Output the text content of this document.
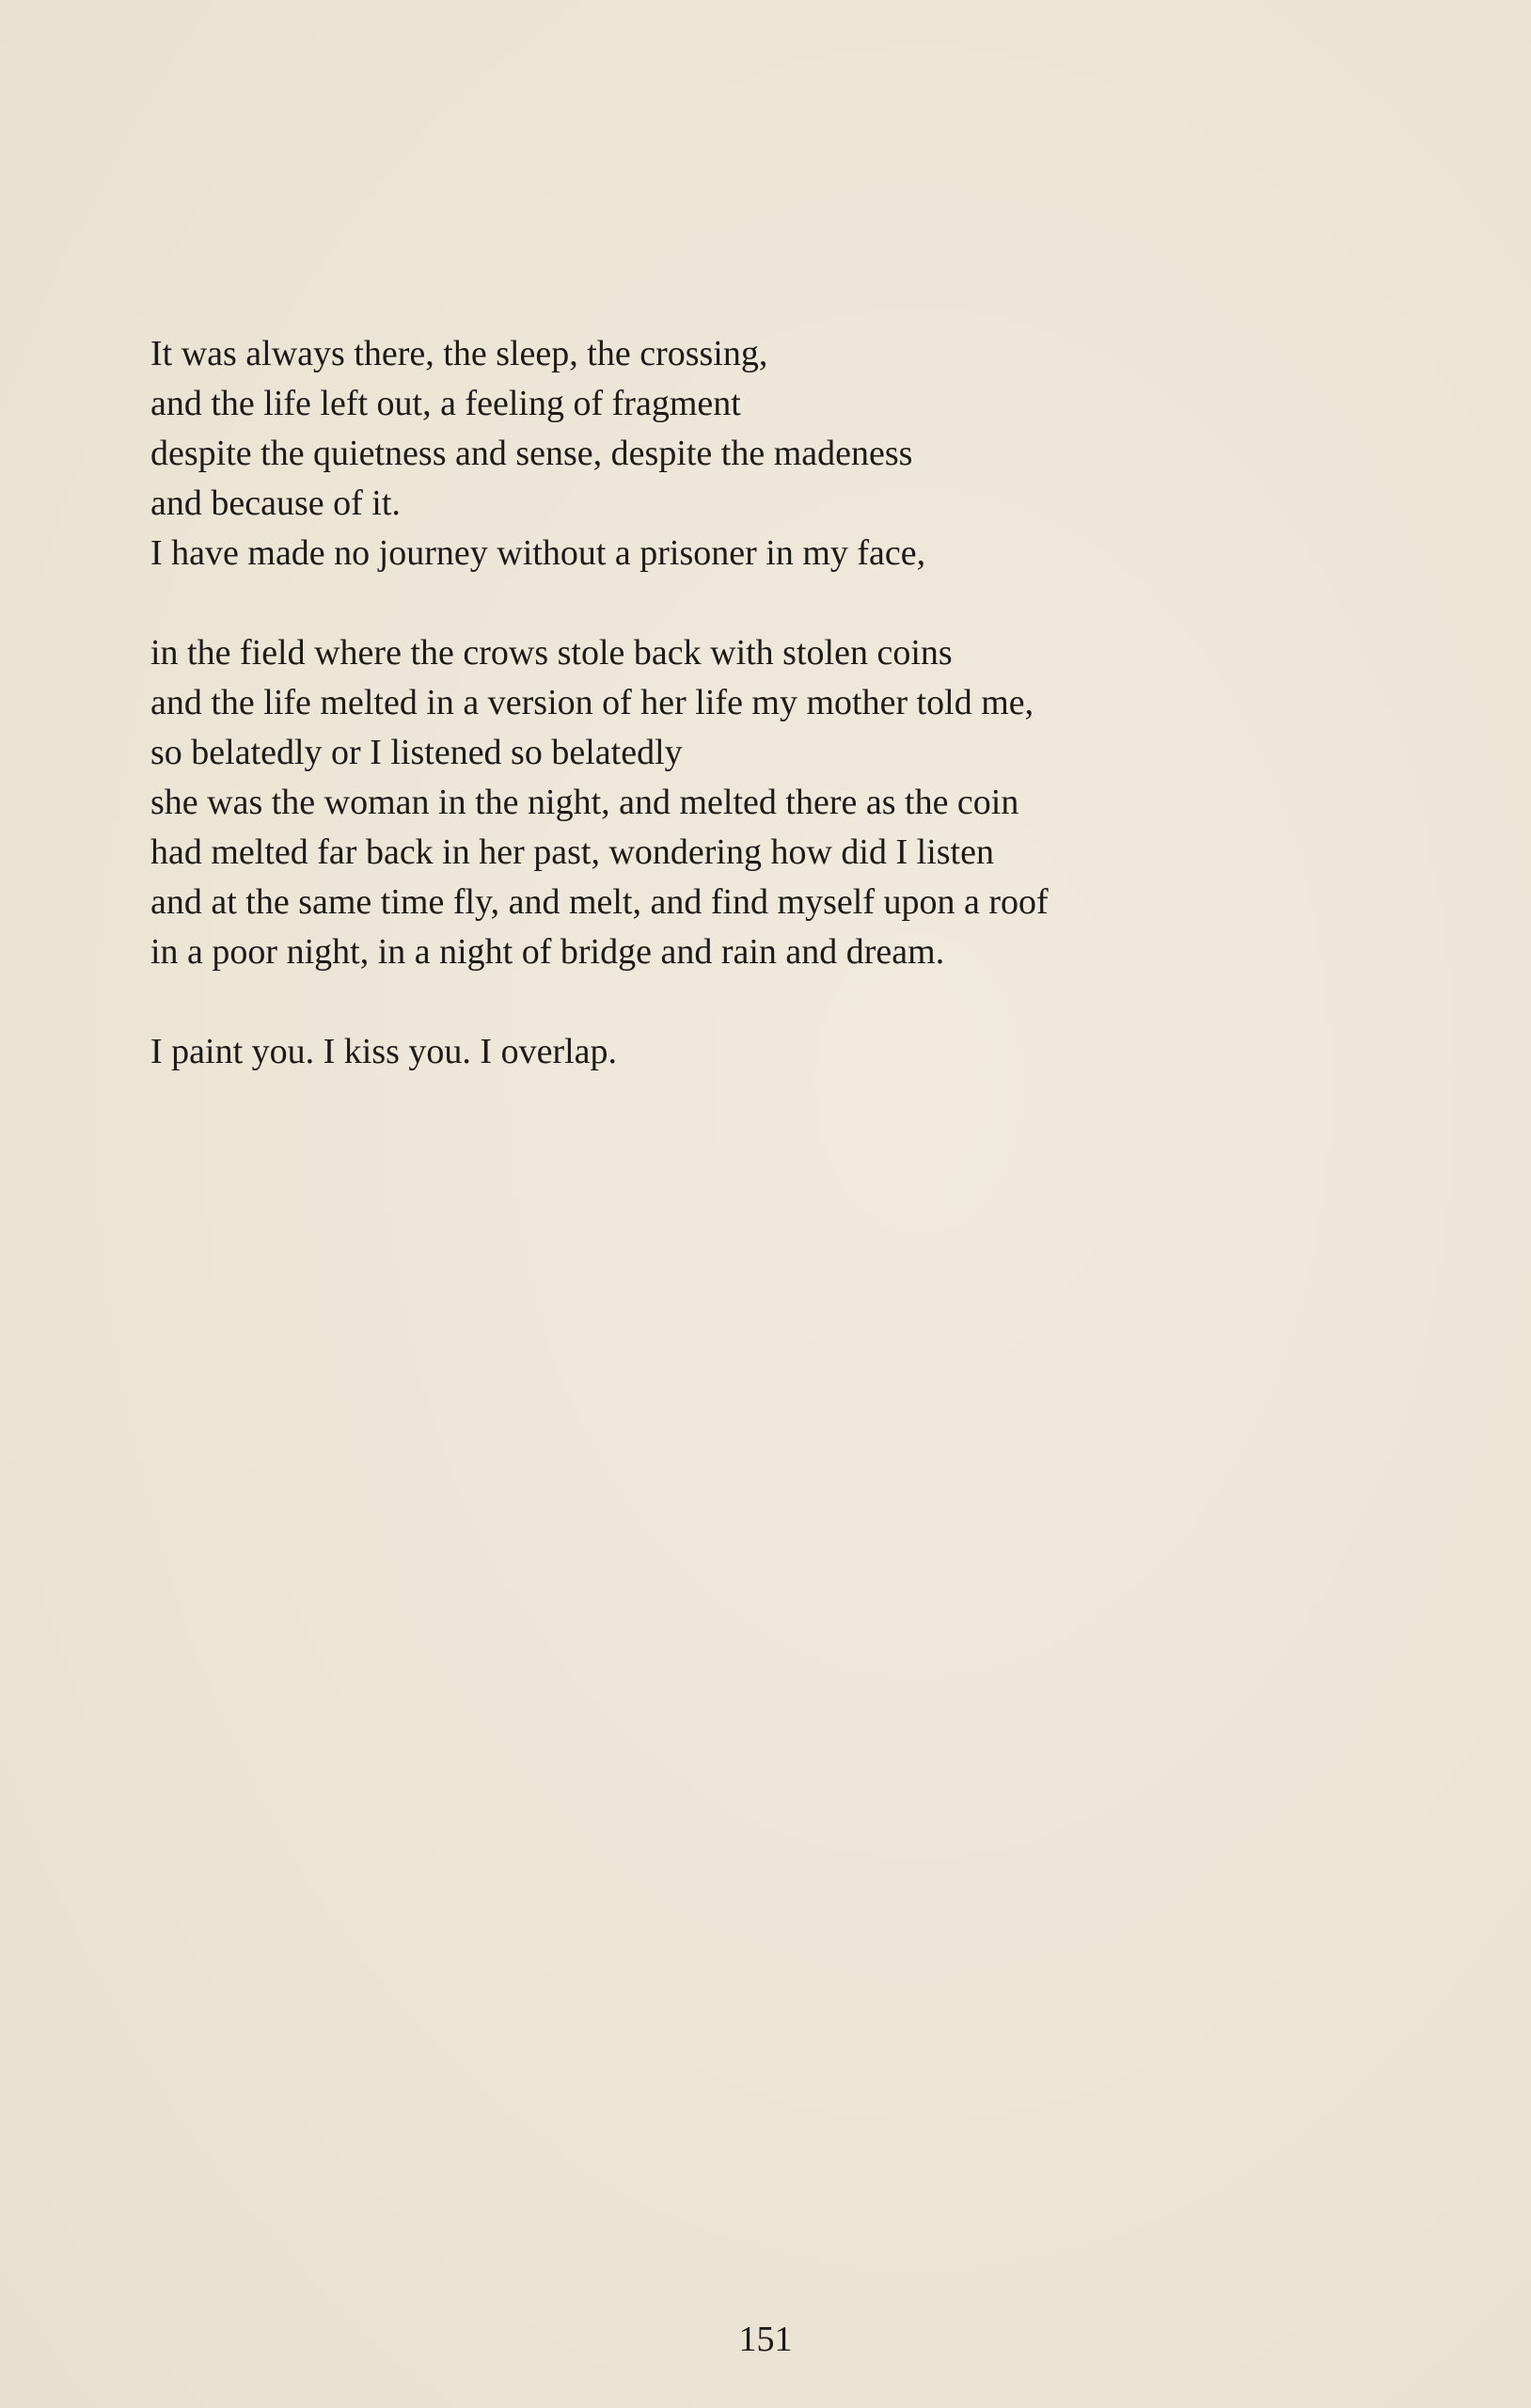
It was always there, the sleep, the crossing,
and the life left out, a feeling of fragment
despite the quietness and sense, despite the madeness
and because of it.
I have made no journey without a prisoner in my face,
in the field where the crows stole back with stolen coins
and the life melted in a version of her life my mother told me,
so belatedly or I listened so belatedly
she was the woman in the night, and melted there as the coin
had melted far back in her past, wondering how did I listen
and at the same time fly, and melt, and find myself upon a roof
in a poor night, in a night of bridge and rain and dream.
I paint you. I kiss you. I overlap.
151
